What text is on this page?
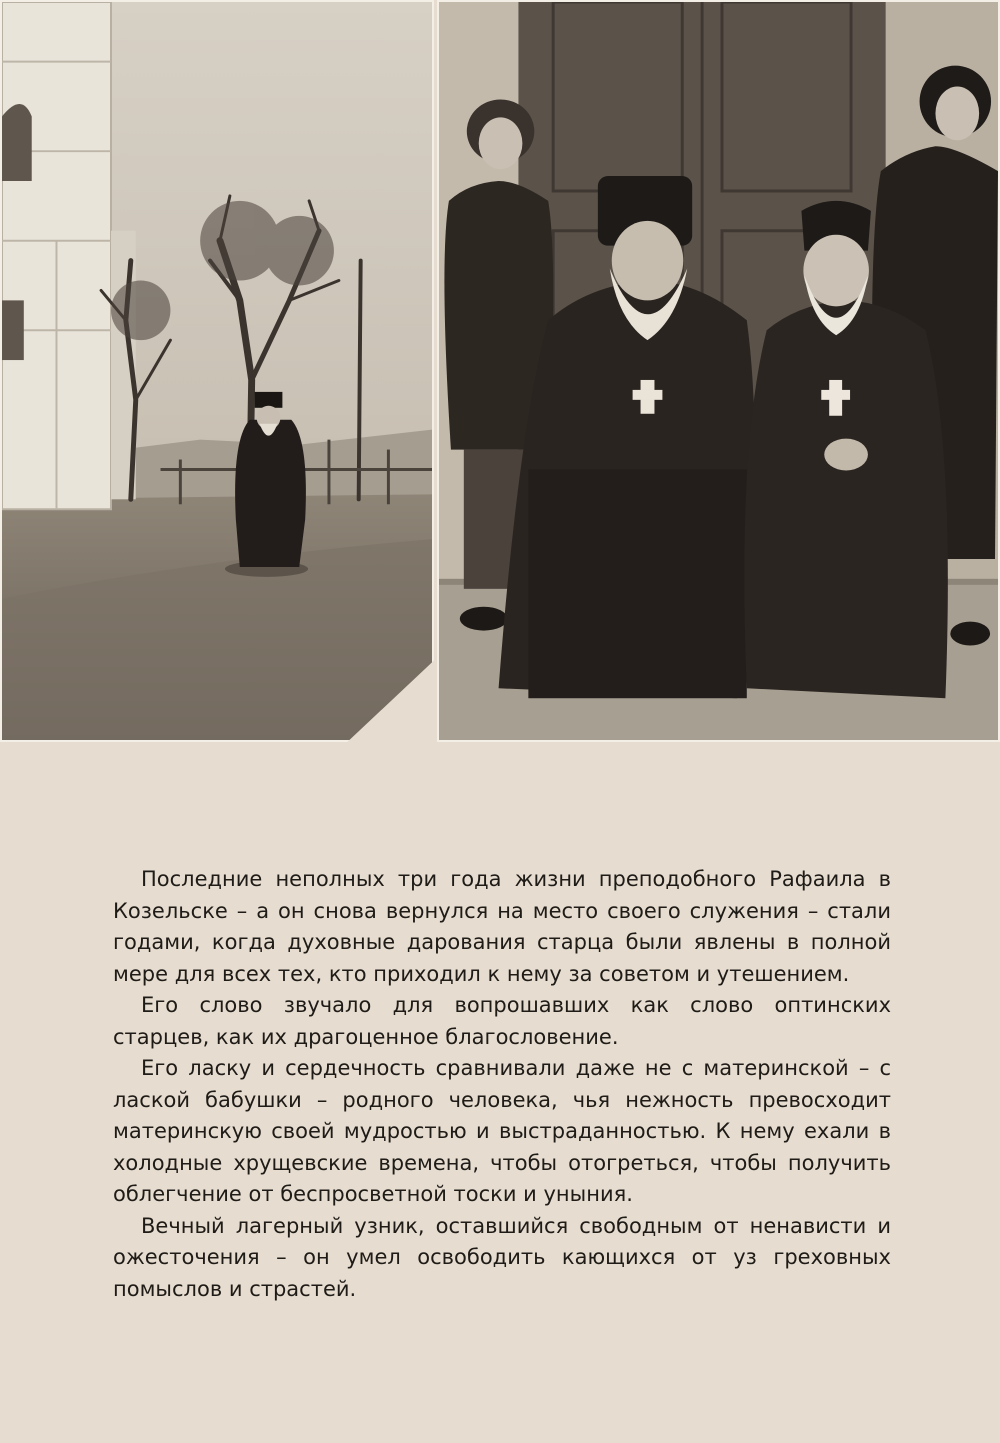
Последние неполных три года жизни преподобного Рафаила в Козельске – а он снова вернулся на место своего служения – стали годами, когда духовные дарования старца были явлены в полной мере для всех тех, кто приходил к нему за советом и утешением.

Его слово звучало для вопрошавших как слово оптинских старцев, как их драгоценное благословение.

Его ласку и сердечность сравнивали даже не с материнской – с лаской бабушки – родного человека, чья нежность превосходит материнскую своей мудростью и выстраданностью. К нему ехали в холодные хрущевские времена, чтобы отогреться, чтобы получить облегчение от беспросветной тоски и уныния.

Вечный лагерный узник, оставшийся свободным от ненависти и ожесточения – он умел освободить кающихся от уз греховных помыслов и страстей.
